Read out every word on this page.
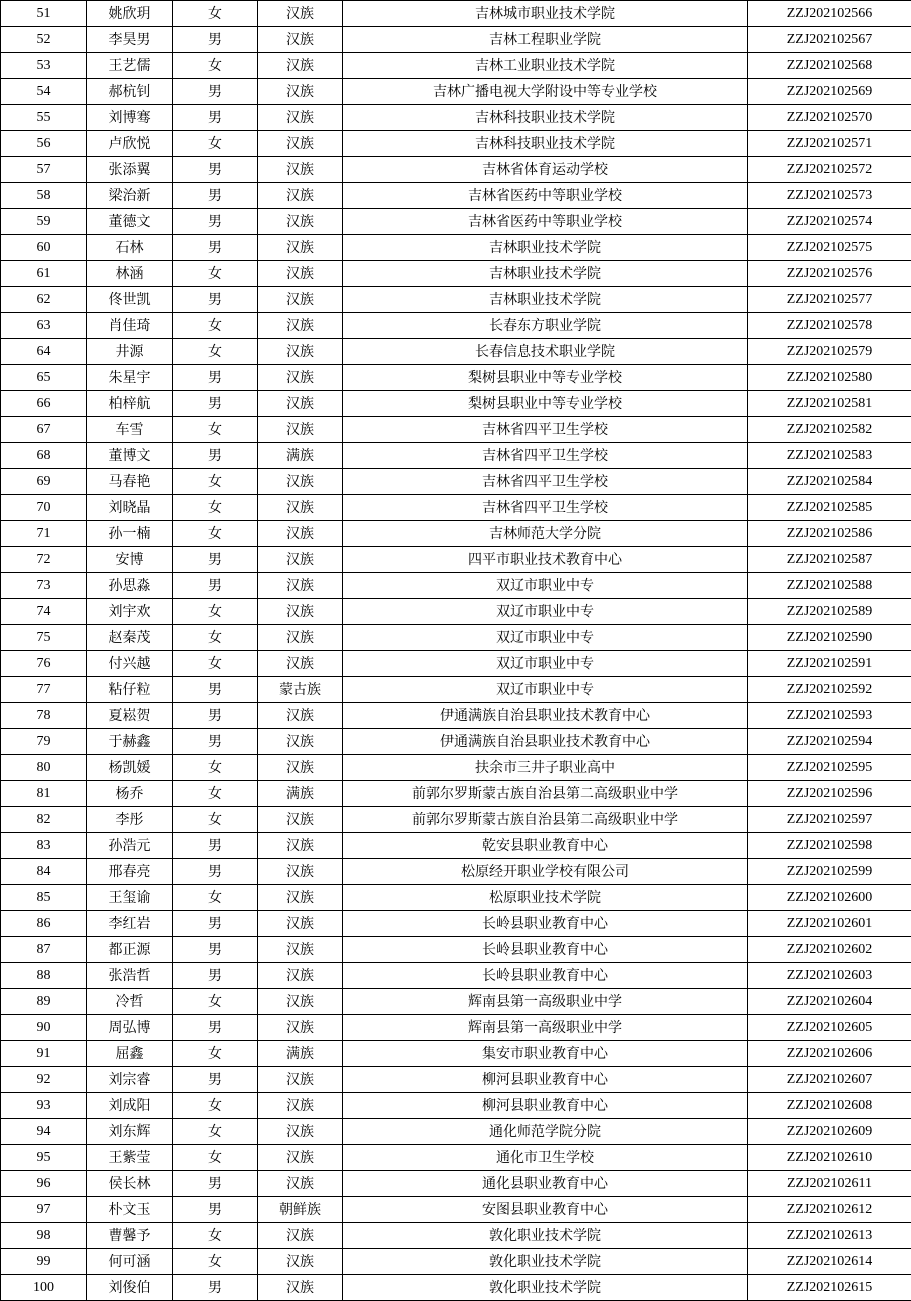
51	姚欣玥	女	汉族	吉林城市职业技术学院	ZZJ202102566
52	李昊男	男	汉族	吉林工程职业学院	ZZJ202102567
53	王艺儒	女	汉族	吉林工业职业技术学院	ZZJ202102568
54	郝杭钊	男	汉族	吉林广播电视大学附设中等专业学校	ZZJ202102569
55	刘博骞	男	汉族	吉林科技职业技术学院	ZZJ202102570
56	卢欣悦	女	汉族	吉林科技职业技术学院	ZZJ202102571
57	张添翼	男	汉族	吉林省体育运动学校	ZZJ202102572
58	梁治新	男	汉族	吉林省医药中等职业学校	ZZJ202102573
59	董德文	男	汉族	吉林省医药中等职业学校	ZZJ202102574
60	石林	男	汉族	吉林职业技术学院	ZZJ202102575
61	林涵	女	汉族	吉林职业技术学院	ZZJ202102576
62	佟世凯	男	汉族	吉林职业技术学院	ZZJ202102577
63	肖佳琦	女	汉族	长春东方职业学院	ZZJ202102578
64	井源	女	汉族	长春信息技术职业学院	ZZJ202102579
65	朱星宇	男	汉族	梨树县职业中等专业学校	ZZJ202102580
66	柏梓航	男	汉族	梨树县职业中等专业学校	ZZJ202102581
67	车雪	女	汉族	吉林省四平卫生学校	ZZJ202102582
68	董博文	男	满族	吉林省四平卫生学校	ZZJ202102583
69	马春艳	女	汉族	吉林省四平卫生学校	ZZJ202102584
70	刘晓晶	女	汉族	吉林省四平卫生学校	ZZJ202102585
71	孙一楠	女	汉族	吉林师范大学分院	ZZJ202102586
72	安博	男	汉族	四平市职业技术教育中心	ZZJ202102587
73	孙思淼	男	汉族	双辽市职业中专	ZZJ202102588
74	刘宇欢	女	汉族	双辽市职业中专	ZZJ202102589
75	赵秦茂	女	汉族	双辽市职业中专	ZZJ202102590
76	付兴越	女	汉族	双辽市职业中专	ZZJ202102591
77	粘仔粒	男	蒙古族	双辽市职业中专	ZZJ202102592
78	夏崧贺	男	汉族	伊通满族自治县职业技术教育中心	ZZJ202102593
79	于赫鑫	男	汉族	伊通满族自治县职业技术教育中心	ZZJ202102594
80	杨凯媛	女	汉族	扶余市三井子职业高中	ZZJ202102595
81	杨乔	女	满族	前郭尔罗斯蒙古族自治县第二高级职业中学	ZZJ202102596
82	李彤	女	汉族	前郭尔罗斯蒙古族自治县第二高级职业中学	ZZJ202102597
83	孙浩元	男	汉族	乾安县职业教育中心	ZZJ202102598
84	邢春亮	男	汉族	松原经开职业学校有限公司	ZZJ202102599
85	王玺谕	女	汉族	松原职业技术学院	ZZJ202102600
86	李红岩	男	汉族	长岭县职业教育中心	ZZJ202102601
87	都正源	男	汉族	长岭县职业教育中心	ZZJ202102602
88	张浩哲	男	汉族	长岭县职业教育中心	ZZJ202102603
89	冷哲	女	汉族	辉南县第一高级职业中学	ZZJ202102604
90	周弘博	男	汉族	辉南县第一高级职业中学	ZZJ202102605
91	屈鑫	女	满族	集安市职业教育中心	ZZJ202102606
92	刘宗睿	男	汉族	柳河县职业教育中心	ZZJ202102607
93	刘成阳	女	汉族	柳河县职业教育中心	ZZJ202102608
94	刘东辉	女	汉族	通化师范学院分院	ZZJ202102609
95	王紫莹	女	汉族	通化市卫生学校	ZZJ202102610
96	侯长林	男	汉族	通化县职业教育中心	ZZJ202102611
97	朴文玉	男	朝鲜族	安图县职业教育中心	ZZJ202102612
98	曹馨予	女	汉族	敦化职业技术学院	ZZJ202102613
99	何可涵	女	汉族	敦化职业技术学院	ZZJ202102614
100	刘俊伯	男	汉族	敦化职业技术学院	ZZJ202102615
